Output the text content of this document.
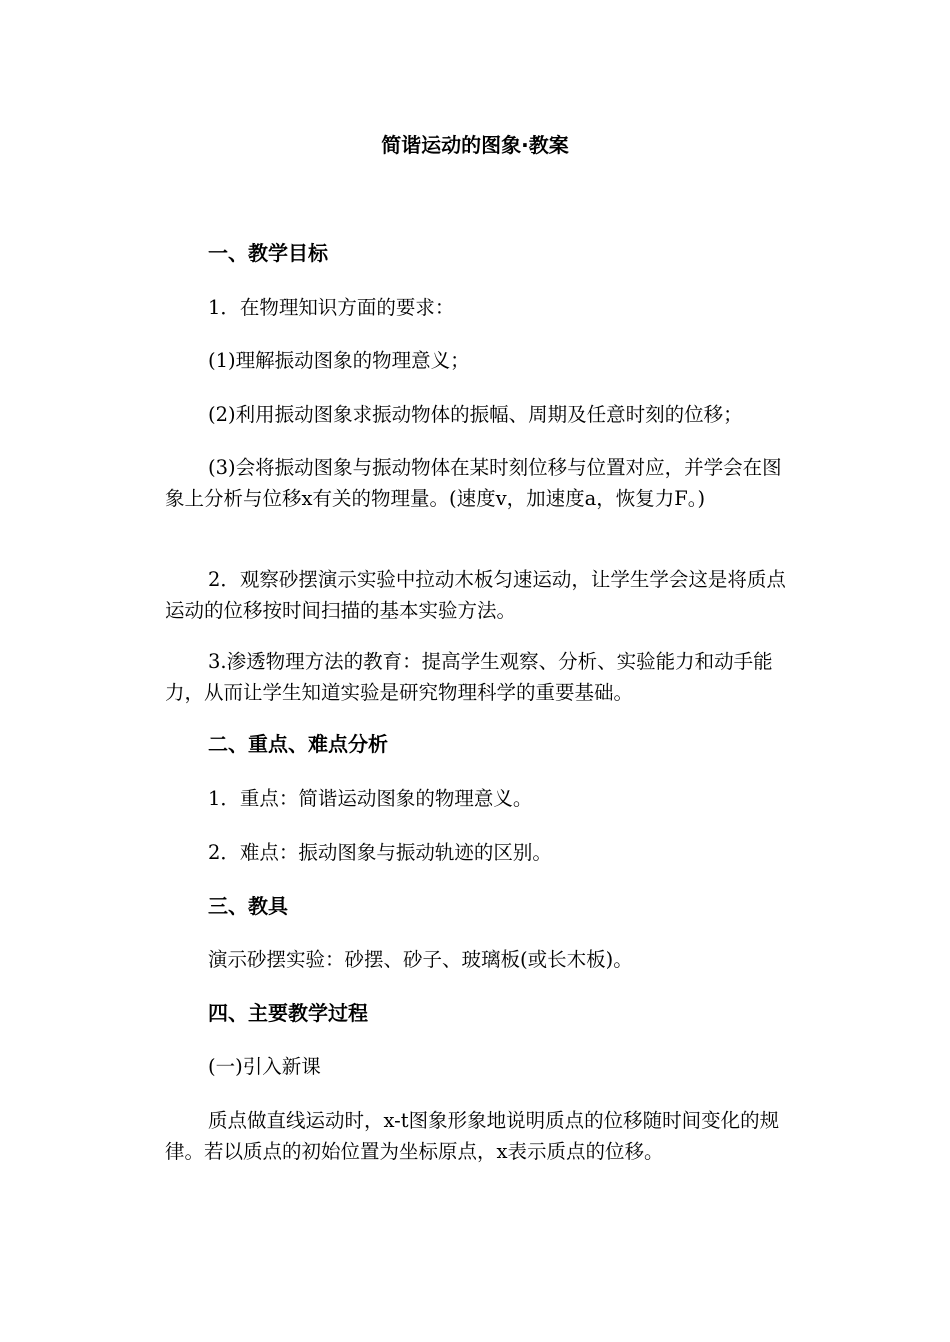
简谐运动的图象·教案
一、教学目标
1．在物理知识方面的要求：
(1)理解振动图象的物理意义；
(2)利用振动图象求振动物体的振幅、周期及任意时刻的位移；

(3)会将振动图象与振动物体在某时刻位移与位置对应，并学会在图象上分析与位移x有关的物理量。(速度v，加速度a，恢复力F。)

2．观察砂摆演示实验中拉动木板匀速运动，让学生学会这是将质点运动的位移按时间扫描的基本实验方法。

3.渗透物理方法的教育：提高学生观察、分析、实验能力和动手能力，从而让学生知道实验是研究物理科学的重要基础。

二、重点、难点分析
1．重点：简谐运动图象的物理意义。
2．难点：振动图象与振动轨迹的区别。
三、教具
演示砂摆实验：砂摆、砂子、玻璃板(或长木板)。
四、主要教学过程
(一)引入新课

质点做直线运动时，x-t图象形象地说明质点的位移随时间变化的规律。若以质点的初始位置为坐标原点，x表示质点的位移。
